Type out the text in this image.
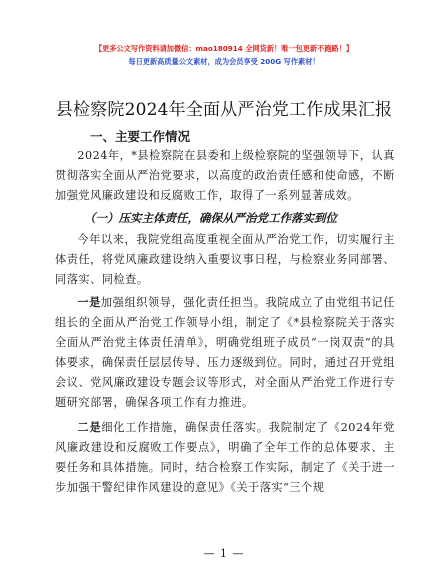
【更多公文写作资料请加微信：mao180914 全网货新！唯一包更新不跑路！】
每日更新高质量公文素材，成为会员享受 200G 写作素材！
县检察院2024年全面从严治党工作成果汇报
一、主要工作情况
2024年，*县检察院在县委和上级检察院的坚强领导下，认真贯彻落实全面从严治党要求，以高度的政治责任感和使命感，不断加强党风廉政建设和反腐败工作，取得了一系列显著成效。
（一）压实主体责任，确保从严治党工作落实到位
今年以来，我院党组高度重视全面从严治党工作，切实履行主体责任，将党风廉政建设纳入重要议事日程，与检察业务同部署、同落实、同检查。
一是加强组织领导，强化责任担当。我院成立了由党组书记任组长的全面从严治党工作领导小组，制定了《*县检察院关于落实全面从严治党主体责任清单》，明确党组班子成员“一岗双责”的具体要求，确保责任层层传导、压力逐级到位。同时，通过召开党组会议、党风廉政建设专题会议等形式，对全面从严治党工作进行专题研究部署，确保各项工作有力推进。
二是细化工作措施，确保责任落实。我院制定了《2024年党风廉政建设和反腐败工作要点》，明确了全年工作的总体要求、主要任务和具体措施。同时，结合检察工作实际，制定了《关于进一步加强干警纪律作风建设的意见》《关于落实“三个规
— 1 —
